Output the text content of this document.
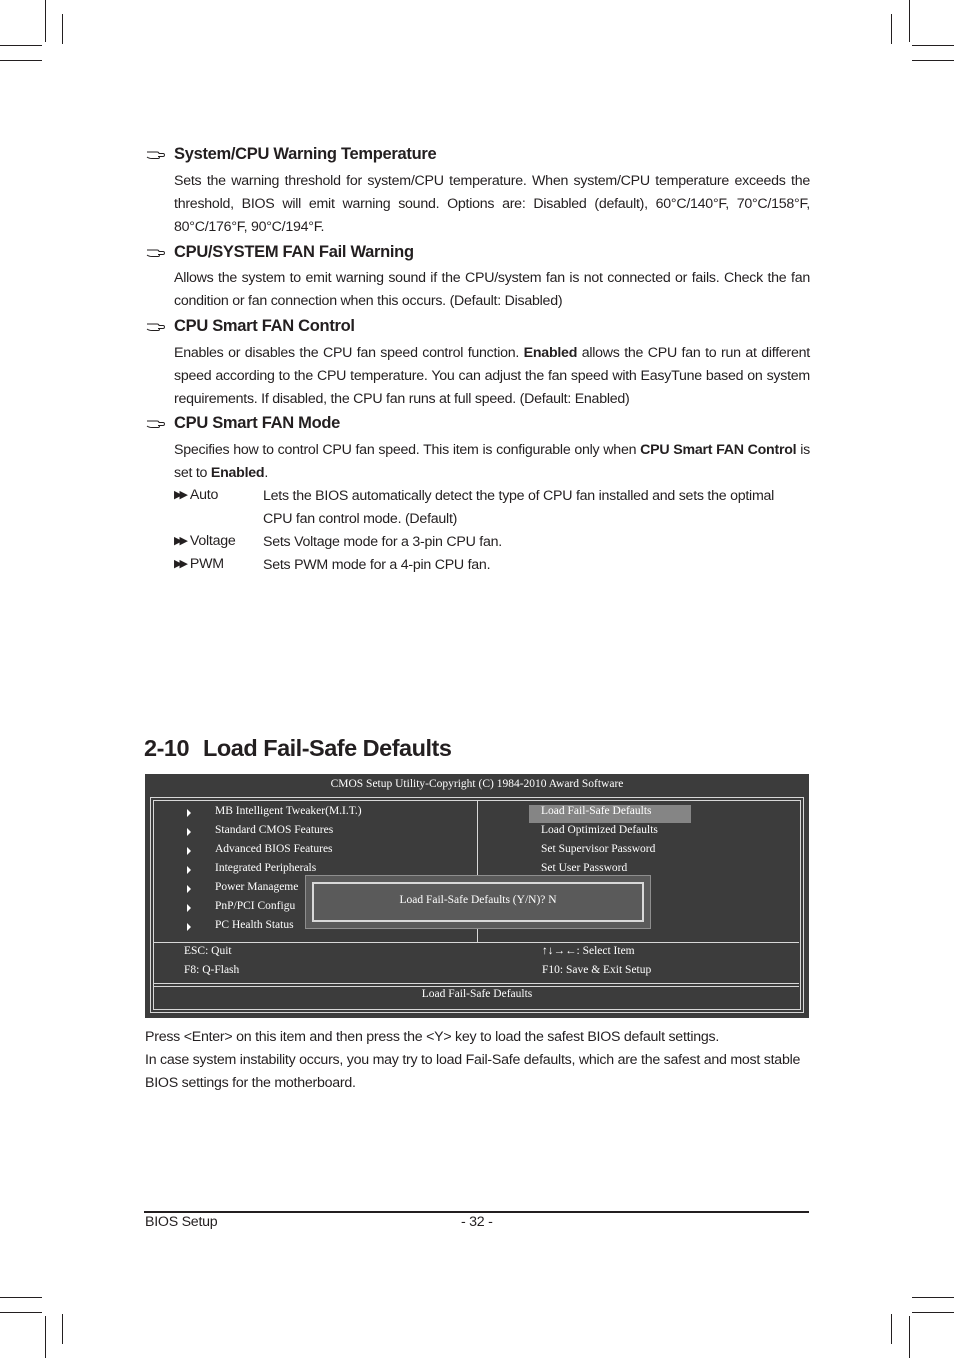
System/CPU Warning Temperature
Sets the warning threshold for system/CPU temperature. When system/CPU temperature exceeds the threshold, BIOS will emit warning sound. Options are: Disabled (default), 60°C/140°F, 70°C/158°F, 80°C/176°F, 90°C/194°F.
CPU/SYSTEM FAN Fail Warning
Allows the system to emit warning sound if the CPU/system fan is not connected or fails. Check the fan condition or fan connection when this occurs. (Default: Disabled)
CPU Smart FAN Control
Enables or disables the CPU fan speed control function. Enabled allows the CPU fan to run at different speed according to the CPU temperature. You can adjust the fan speed with EasyTune based on system requirements. If disabled, the CPU fan runs at full speed. (Default: Enabled)
CPU Smart FAN Mode
Specifies how to control CPU fan speed. This item is configurable only when CPU Smart FAN Control is set to Enabled.
▶▶ Auto	Lets the BIOS automatically detect the type of CPU fan installed and sets the optimal CPU fan control mode. (Default)
▶▶ Voltage Sets Voltage mode for a 3-pin CPU fan.
▶▶ PWM	Sets PWM mode for a 4-pin CPU fan.
2-10 Load Fail-Safe Defaults
CMOS Setup Utility-Copyright (C) 1984-2010 Award Software
MB Intelligent Tweaker(M.I.T.)
Standard CMOS Features
Advanced BIOS Features
Integrated Peripherals
Power Manageme
PnP/PCI Configu
PC Health Status
Load Fail-Safe Defaults
Load Optimized Defaults
Set Supervisor Password
Set User Password
Load Fail-Safe Defaults (Y/N)? N
ESC: Quit
F8: Q-Flash
↑↓→←: Select Item
F10: Save & Exit Setup
Load Fail-Safe Defaults
Press <Enter> on this item and then press the <Y> key to load the safest BIOS default settings.
In case system instability occurs, you may try to load Fail-Safe defaults, which are the safest and most stable BIOS settings for the motherboard.
BIOS Setup	- 32 -
